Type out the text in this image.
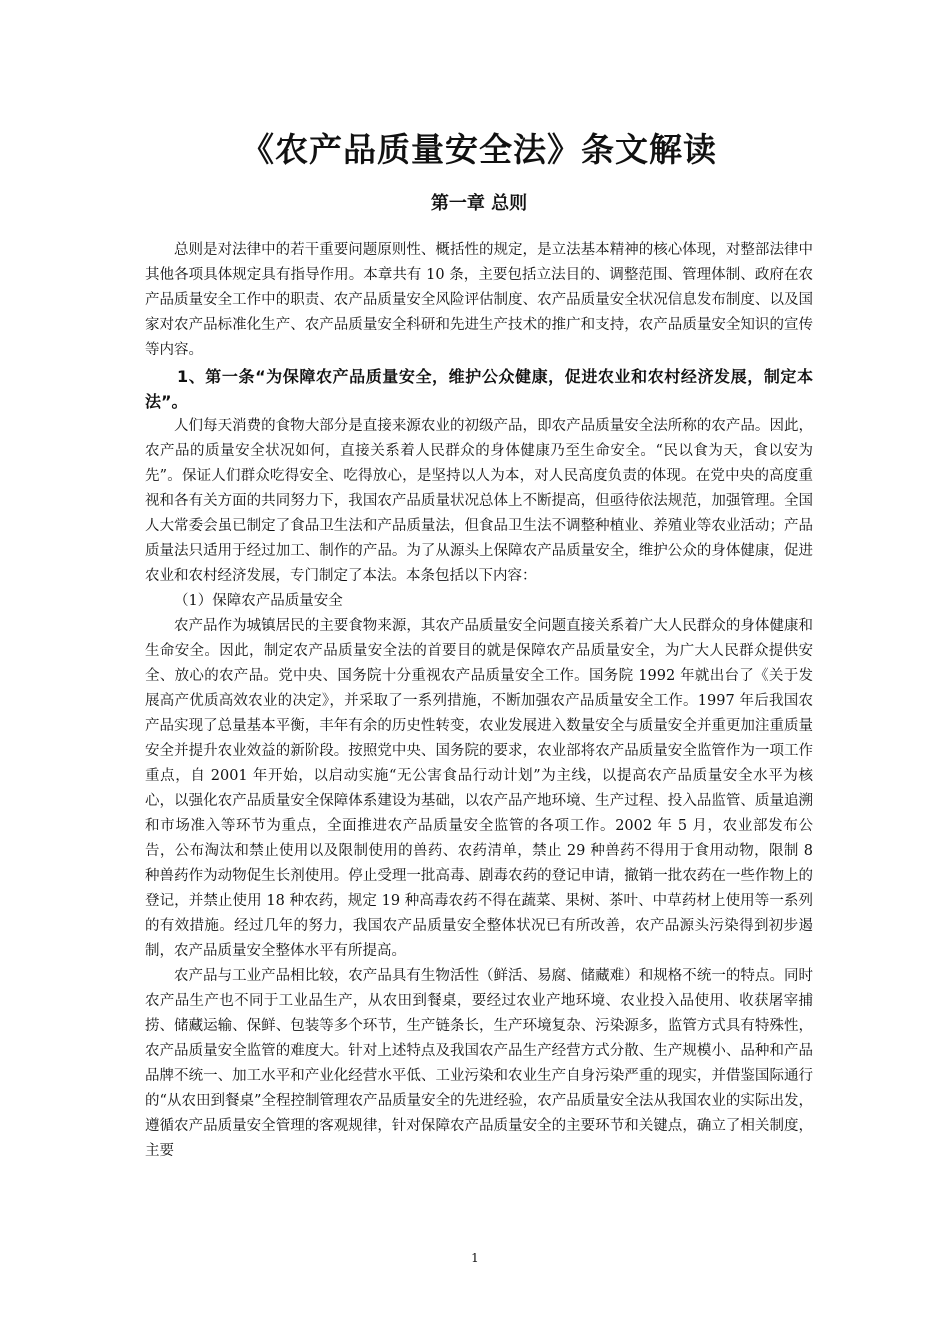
《农产品质量安全法》条文解读
第一章 总则

总则是对法律中的若干重要问题原则性、概括性的规定，是立法基本精神的核心体现，对整部法律中其他各项具体规定具有指导作用。本章共有 10 条，主要包括立法目的、调整范围、管理体制、政府在农产品质量安全工作中的职责、农产品质量安全风险评估制度、农产品质量安全状况信息发布制度、以及国家对农产品标准化生产、农产品质量安全科研和先进生产技术的推广和支持，农产品质量安全知识的宣传等内容。

1、第一条“为保障农产品质量安全，维护公众健康，促进农业和农村经济发展，制定本法”。

人们每天消费的食物大部分是直接来源农业的初级产品，即农产品质量安全法所称的农产品。因此，农产品的质量安全状况如何，直接关系着人民群众的身体健康乃至生命安全。“民以食为天，食以安为先”。保证人们群众吃得安全、吃得放心，是坚持以人为本，对人民高度负责的体现。在党中央的高度重视和各有关方面的共同努力下，我国农产品质量状况总体上不断提高，但亟待依法规范，加强管理。全国人大常委会虽已制定了食品卫生法和产品质量法，但食品卫生法不调整种植业、养殖业等农业活动；产品质量法只适用于经过加工、制作的产品。为了从源头上保障农产品质量安全，维护公众的身体健康，促进农业和农村经济发展，专门制定了本法。本条包括以下内容：

（1）保障农产品质量安全

农产品作为城镇居民的主要食物来源，其农产品质量安全问题直接关系着广大人民群众的身体健康和生命安全。因此，制定农产品质量安全法的首要目的就是保障农产品质量安全，为广大人民群众提供安全、放心的农产品。党中央、国务院十分重视农产品质量安全工作。国务院 1992 年就出台了《关于发展高产优质高效农业的决定》，并采取了一系列措施，不断加强农产品质量安全工作。1997 年后我国农产品实现了总量基本平衡，丰年有余的历史性转变，农业发展进入数量安全与质量安全并重更加注重质量安全并提升农业效益的新阶段。按照党中央、国务院的要求，农业部将农产品质量安全监管作为一项工作重点，自 2001 年开始，以启动实施“无公害食品行动计划”为主线，以提高农产品质量安全水平为核心，以强化农产品质量安全保障体系建设为基础，以农产品产地环境、生产过程、投入品监管、质量追溯和市场准入等环节为重点，全面推进农产品质量安全监管的各项工作。2002 年 5 月，农业部发布公告，公布淘汰和禁止使用以及限制使用的兽药、农药清单，禁止 29 种兽药不得用于食用动物，限制 8 种兽药作为动物促生长剂使用。停止受理一批高毒、剧毒农药的登记申请，撤销一批农药在一些作物上的登记，并禁止使用 18 种农药，规定 19 种高毒农药不得在蔬菜、果树、茶叶、中草药材上使用等一系列的有效措施。经过几年的努力，我国农产品质量安全整体状况已有所改善，农产品源头污染得到初步遏制，农产品质量安全整体水平有所提高。

农产品与工业产品相比较，农产品具有生物活性（鲜活、易腐、储藏难）和规格不统一的特点。同时农产品生产也不同于工业品生产，从农田到餐桌，要经过农业产地环境、农业投入品使用、收获屠宰捕捞、储藏运输、保鲜、包装等多个环节，生产链条长，生产环境复杂、污染源多，监管方式具有特殊性，农产品质量安全监管的难度大。针对上述特点及我国农产品生产经营方式分散、生产规模小、品种和产品品牌不统一、加工水平和产业化经营水平低、工业污染和农业生产自身污染严重的现实，并借鉴国际通行的“从农田到餐桌”全程控制管理农产品质量安全的先进经验，农产品质量安全法从我国农业的实际出发，遵循农产品质量安全管理的客观规律，针对保障农产品质量安全的主要环节和关键点，确立了相关制度，主要

1
